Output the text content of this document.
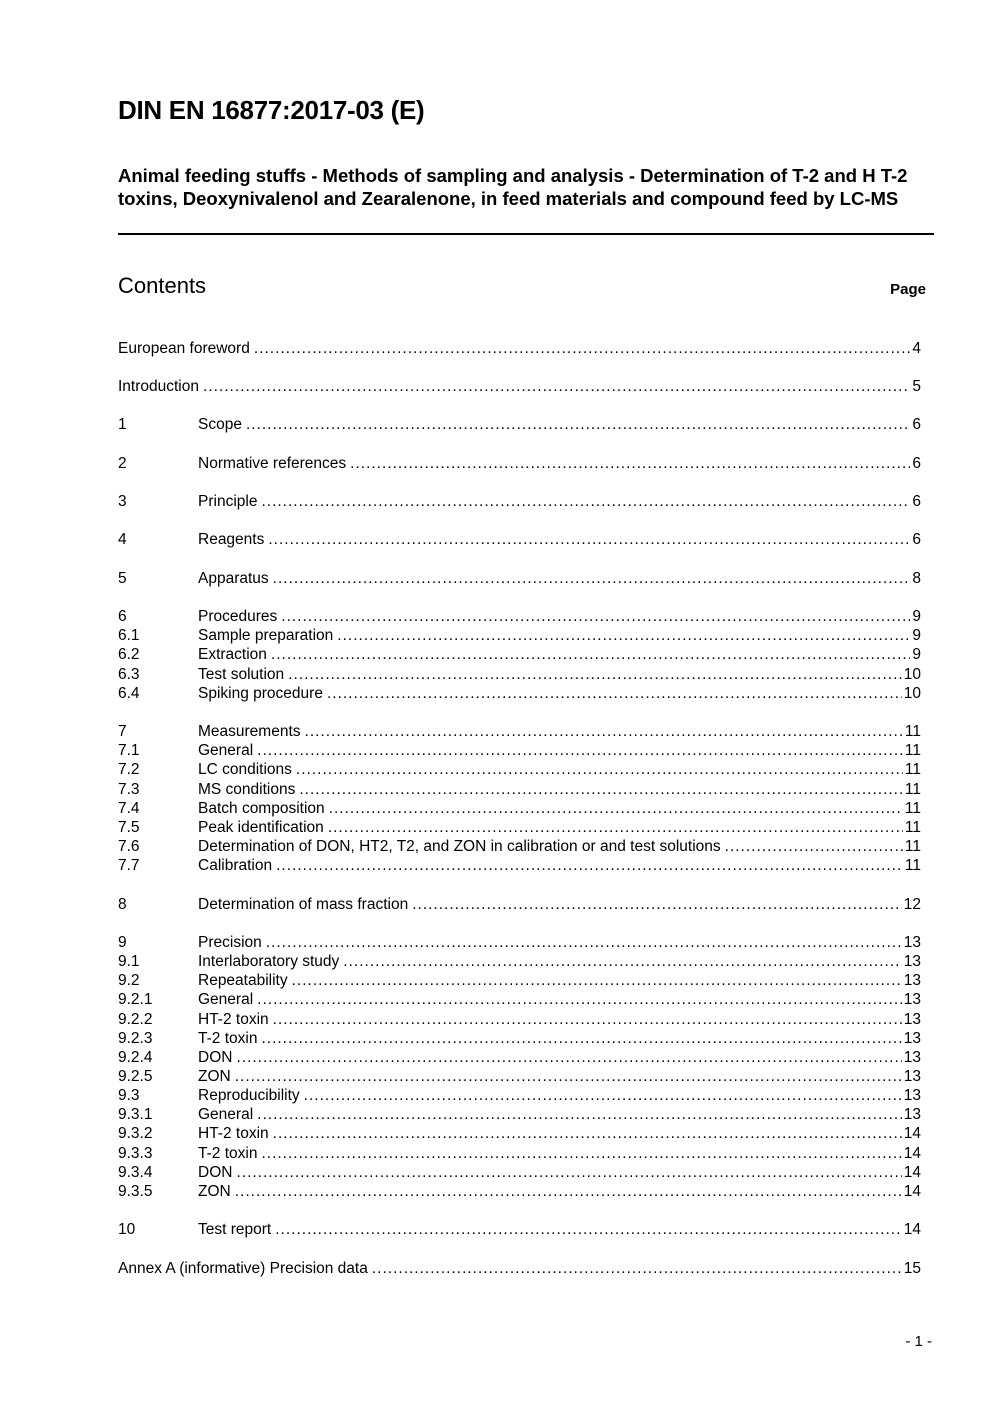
DIN EN 16877:2017-03 (E)
Animal feeding stuffs - Methods of sampling and analysis - Determination of T-2 and H T-2 toxins, Deoxynivalenol and Zearalenone, in feed materials and compound feed by LC-MS
Contents	Page
European foreword .....	4
Introduction .....	5
1	Scope .....	6
2	Normative references .....	6
3	Principle .....	6
4	Reagents .....	6
5	Apparatus .....	8
6	Procedures .....	9
6.1	Sample preparation .....	9
6.2	Extraction .....	9
6.3	Test solution .....	10
6.4	Spiking procedure .....	10
7	Measurements .....	11
7.1	General .....	11
7.2	LC conditions .....	11
7.3	MS conditions .....	11
7.4	Batch composition .....	11
7.5	Peak identification .....	11
7.6	Determination of DON, HT2, T2, and ZON in calibration or and test solutions .....	11
7.7	Calibration .....	11
8	Determination of mass fraction .....	12
9	Precision .....	13
9.1	Interlaboratory study .....	13
9.2	Repeatability .....	13
9.2.1	General .....	13
9.2.2	HT-2 toxin .....	13
9.2.3	T-2 toxin .....	13
9.2.4	DON .....	13
9.2.5	ZON .....	13
9.3	Reproducibility .....	13
9.3.1	General .....	13
9.3.2	HT-2 toxin .....	14
9.3.3	T-2 toxin .....	14
9.3.4	DON .....	14
9.3.5	ZON .....	14
10	Test report .....	14
Annex A (informative) Precision data .....	15
- 1 -
